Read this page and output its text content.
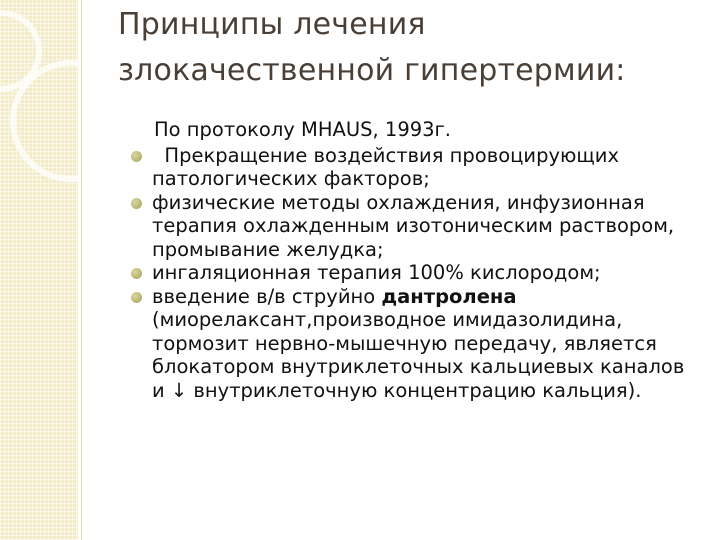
Принципы лечения
злокачественной гипертермии:
По протоколу MHAUS, 1993г.
Прекращение воздействия провоцирующих патологических факторов;
физические методы охлаждения, инфузионная терапия охлажденным изотоническим раствором, промывание желудка;
ингаляционная терапия 100% кислородом;
введение в/в струйно дантролена (миорелаксант,производное имидазолидина, тормозит нервно-мышечную передачу, является блокатором внутриклеточных кальциевых каналов и ↓ внутриклеточную концентрацию кальция).
